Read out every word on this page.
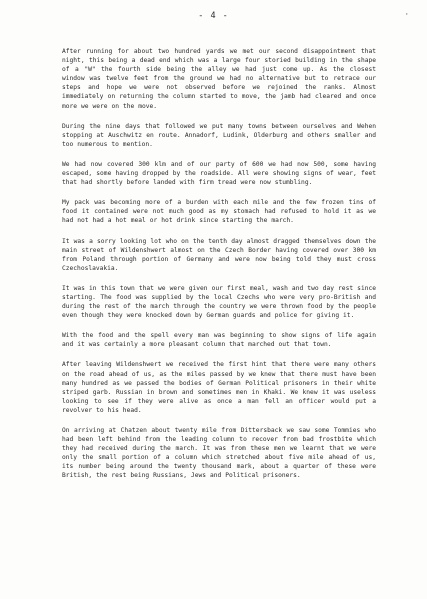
- 4 -	'

After running for about two hundred yards we met our second disappointment that night, this being a dead end which was a large four storied building in the shape of a "W" the fourth side being the alley we had just come up. As the closest window was twelve feet from the ground we had no alternative but to retrace our steps and hope we were not observed before we rejoined the ranks. Almost immediately on returning the column started to move, the jamb had cleared and once more we were on the move.

During the nine days that followed we put many towns between ourselves and Wehen stopping at Auschwitz en route. Annadorf, Ludink, Olderburg and others smaller and too numerous to mention.

We had now covered 300 klm and of our party of 600 we had now 500, some having escaped, some having dropped by the roadside. All were showing signs of wear, feet that had shortly before landed with firm tread were now stumbling.

My pack was becoming more of a burden with each mile and the few frozen tins of food it contained were not much good as my stomach had refused to hold it as we had not had a hot meal or hot drink since starting the march.

It was a sorry looking lot who on the tenth day almost dragged themselves down the main street of Wildenshwert almost on the Czech Border having covered over 300 km from Poland through portion of Germany and were now being told they must cross Czechoslavakia.

It was in this town that we were given our first meal, wash and two day rest since starting. The food was supplied by the local Czechs who were very pro-British and during the rest of the march through the country we were thrown food by the people even though they were knocked down by German guards and police for giving it.

With the food and the spell every man was beginning to show signs of life again and it was certainly a more pleasant column that marched out that town.

After leaving Wildenshwert we received the first hint that there were many others on the road ahead of us, as the miles passed by we knew that there must have been many hundred as we passed the bodies of German Political prisoners in their white striped garb. Russian in brown and sometimes men in Khaki. We knew it was useless looking to see if they were alive as once a man fell an officer would put a revolver to his head.

On arriving at Chatzen about twenty mile from Dittersback we saw some Tommies who had been left behind from the leading column to recover from bad frostbite which they had received during the march. It was from these men we learnt that we were only the small portion of a column which stretched about five mile ahead of us, its number being around the twenty thousand mark, about a quarter of these were British, the rest being Russians, Jews and Political prisoners.
